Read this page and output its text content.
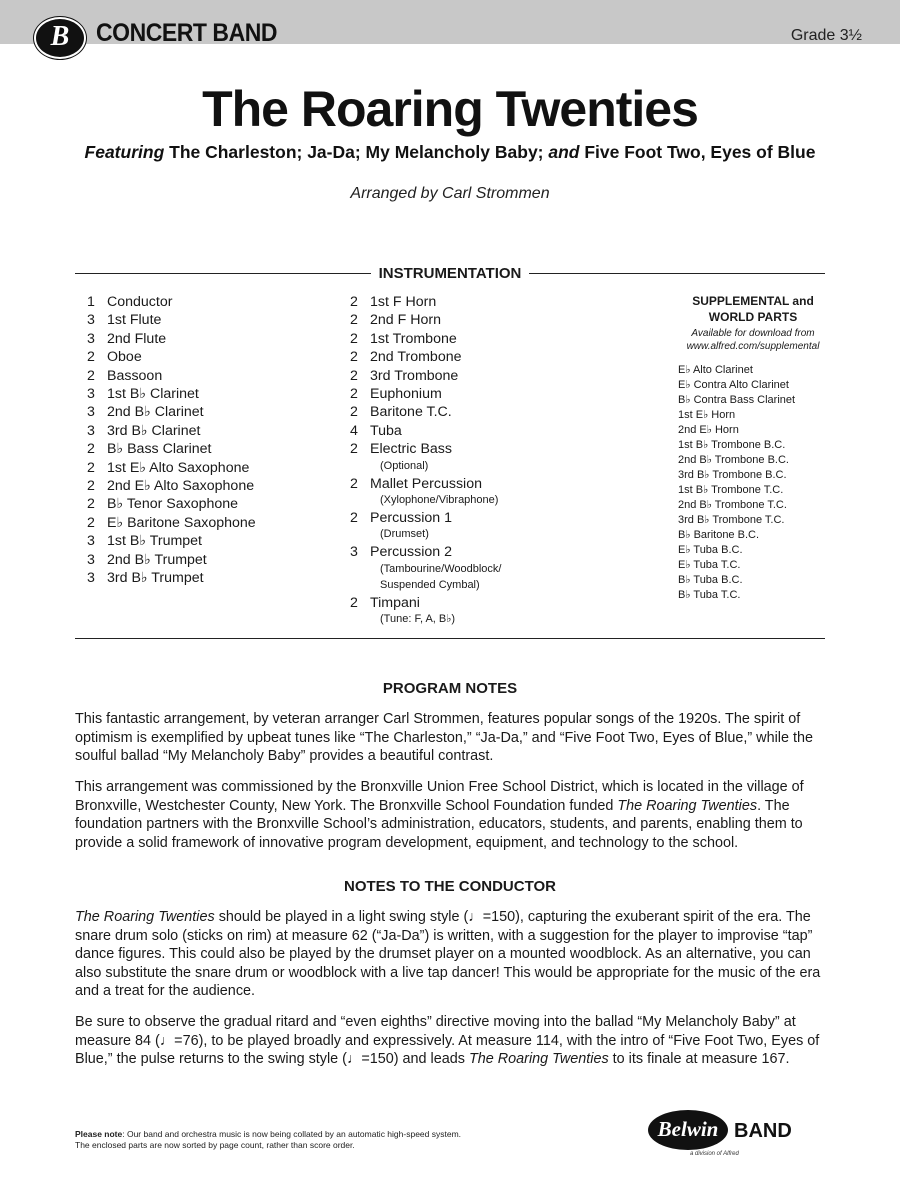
B	CONCERT BAND	Grade 3½
The Roaring Twenties
Featuring The Charleston; Ja-Da; My Melancholy Baby; and Five Foot Two, Eyes of Blue
Arranged by Carl Strommen
INSTRUMENTATION
1 Conductor
3 1st Flute
3 2nd Flute
2 Oboe
2 Bassoon
3 1st B♭ Clarinet
3 2nd B♭ Clarinet
3 3rd B♭ Clarinet
2 B♭ Bass Clarinet
2 1st E♭ Alto Saxophone
2 2nd E♭ Alto Saxophone
2 B♭ Tenor Saxophone
2 E♭ Baritone Saxophone
3 1st B♭ Trumpet
3 2nd B♭ Trumpet
3 3rd B♭ Trumpet
2 1st F Horn
2 2nd F Horn
2 1st Trombone
2 2nd Trombone
2 3rd Trombone
2 Euphonium
2 Baritone T.C.
4 Tuba
2 Electric Bass
(Optional)
2 Mallet Percussion
(Xylophone/Vibraphone)
2 Percussion 1
(Drumset)
3 Percussion 2
(Tambourine/Woodblock/
Suspended Cymbal)
2 Timpani
(Tune: F, A, B♭)
SUPPLEMENTAL and
WORLD PARTS
Available for download from
www.alfred.com/supplemental
E♭ Alto Clarinet
E♭ Contra Alto Clarinet
B♭ Contra Bass Clarinet
1st E♭ Horn
2nd E♭ Horn
1st B♭ Trombone B.C.
2nd B♭ Trombone B.C.
3rd B♭ Trombone B.C.
1st B♭ Trombone T.C.
2nd B♭ Trombone T.C.
3rd B♭ Trombone T.C.
B♭ Baritone B.C.
E♭ Tuba B.C.
E♭ Tuba T.C.
B♭ Tuba B.C.
B♭ Tuba T.C.
PROGRAM NOTES
This fantastic arrangement, by veteran arranger Carl Strommen, features popular songs of the 1920s. The spirit of optimism is exemplified by upbeat tunes like “The Charleston,” “Ja-Da,” and “Five Foot Two, Eyes of Blue,” while the soulful ballad “My Melancholy Baby” provides a beautiful contrast.
This arrangement was commissioned by the Bronxville Union Free School District, which is located in the village of Bronxville, Westchester County, New York. The Bronxville School Foundation funded The Roaring Twenties. The foundation partners with the Bronxville School’s administration, educators, students, and parents, enabling them to provide a solid framework of innovative program development, equipment, and technology to the school.
NOTES TO THE CONDUCTOR
The Roaring Twenties should be played in a light swing style (♩=150), capturing the exuberant spirit of the era. The snare drum solo (sticks on rim) at measure 62 (“Ja-Da”) is written, with a suggestion for the player to improvise “tap” dance figures. This could also be played by the drumset player on a mounted woodblock. As an alternative, you can also substitute the snare drum or woodblock with a live tap dancer! This would be appropriate for the music of the era and a treat for the audience.
Be sure to observe the gradual ritard and “even eighths” directive moving into the ballad “My Melancholy Baby” at measure 84 (♩=76), to be played broadly and expressively. At measure 114, with the intro of “Five Foot Two, Eyes of Blue,” the pulse returns to the swing style (♩=150) and leads The Roaring Twenties to its finale at measure 167.
Please note: Our band and orchestra music is now being collated by an automatic high-speed system.
The enclosed parts are now sorted by page count, rather than score order.
Belwin BAND
a division of Alfred
